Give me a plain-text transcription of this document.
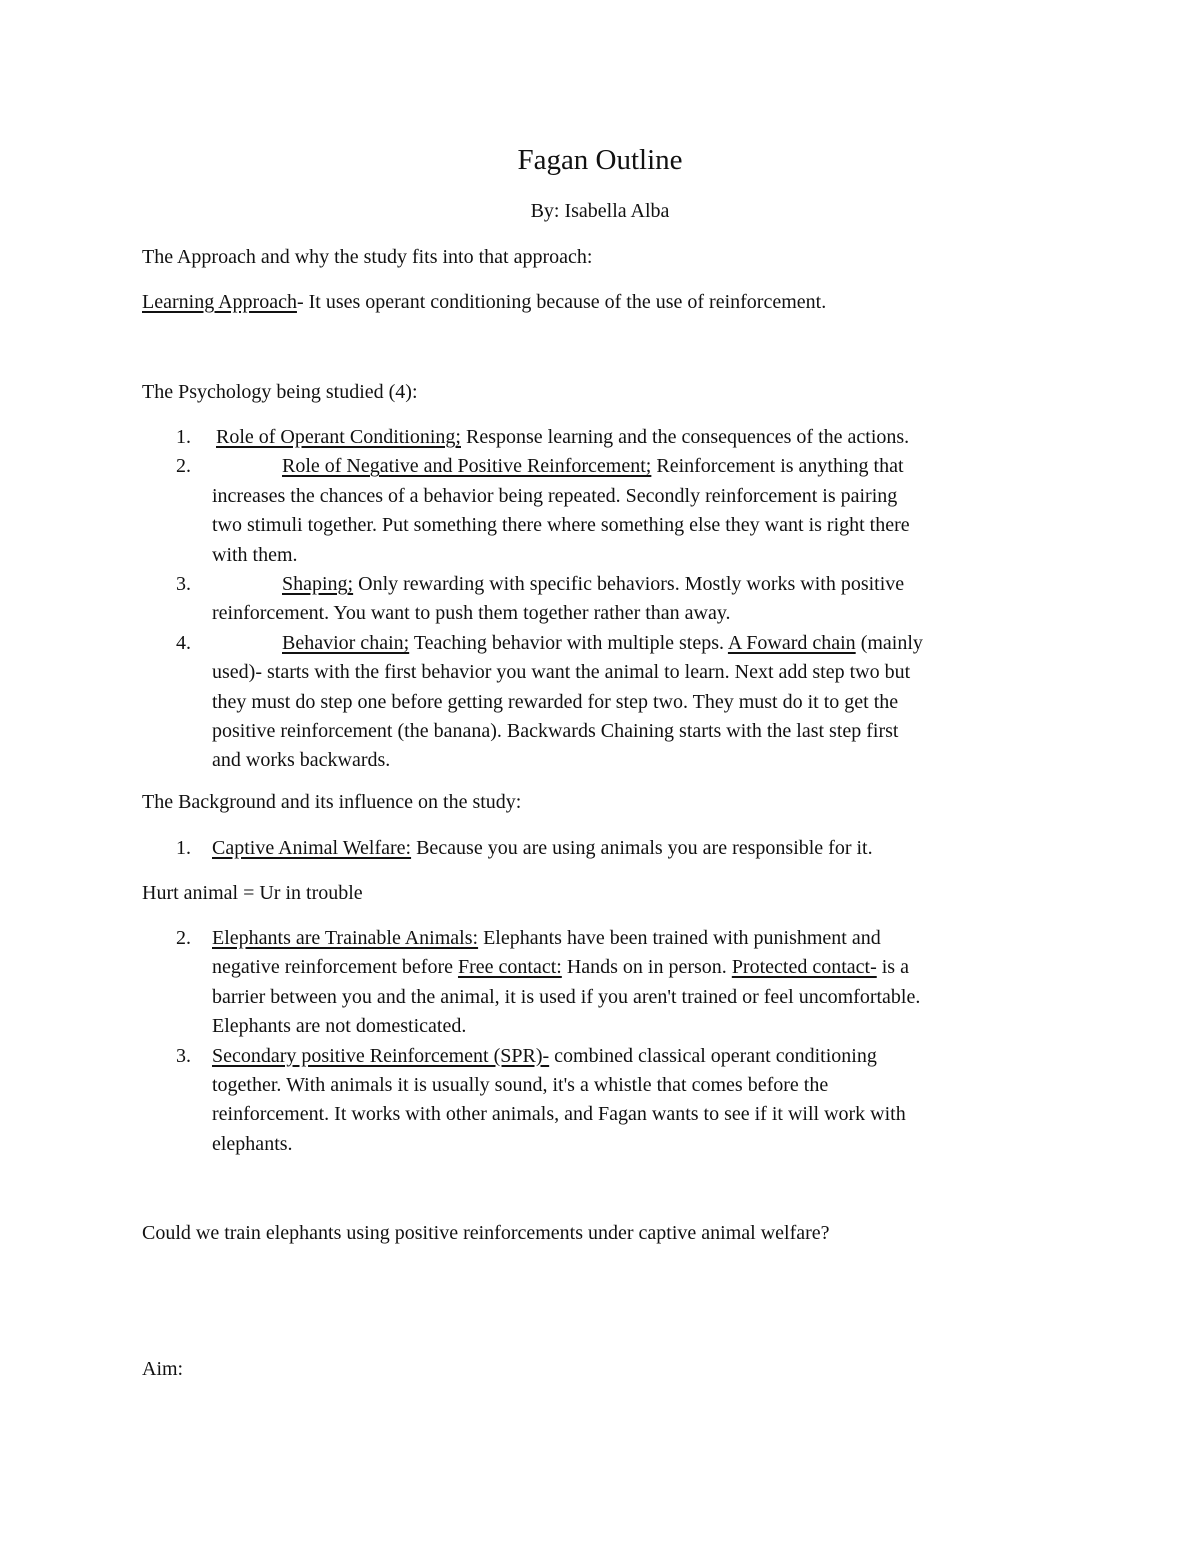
Fagan Outline
By: Isabella Alba

The Approach and why the study fits into that approach:

Learning Approach- It uses operant conditioning because of the use of reinforcement.

The Psychology being studied (4):

1. Role of Operant Conditioning; Response learning and the consequences of the actions.
2.	Role of Negative and Positive Reinforcement; Reinforcement is anything that
increases the chances of a behavior being repeated. Secondly reinforcement is pairing
two stimuli together. Put something there where something else they want is right there
with them.
3.	Shaping; Only rewarding with specific behaviors. Mostly works with positive
reinforcement. You want to push them together rather than away.
4.	Behavior chain; Teaching behavior with multiple steps. A Foward chain (mainly
used)- starts with the first behavior you want the animal to learn. Next add step two but
they must do step one before getting rewarded for step two. They must do it to get the
positive reinforcement (the banana). Backwards Chaining starts with the last step first
and works backwards.

The Background and its influence on the study:

1. Captive Animal Welfare: Because you are using animals you are responsible for it.

Hurt animal = Ur in trouble

2. Elephants are Trainable Animals: Elephants have been trained with punishment and
negative reinforcement before Free contact: Hands on in person. Protected contact- is a
barrier between you and the animal, it is used if you aren't trained or feel uncomfortable.
Elephants are not domesticated.
3. Secondary positive Reinforcement (SPR)- combined classical operant conditioning
together. With animals it is usually sound, it's a whistle that comes before the
reinforcement. It works with other animals, and Fagan wants to see if it will work with
elephants.

Could we train elephants using positive reinforcements under captive animal welfare?

Aim:
